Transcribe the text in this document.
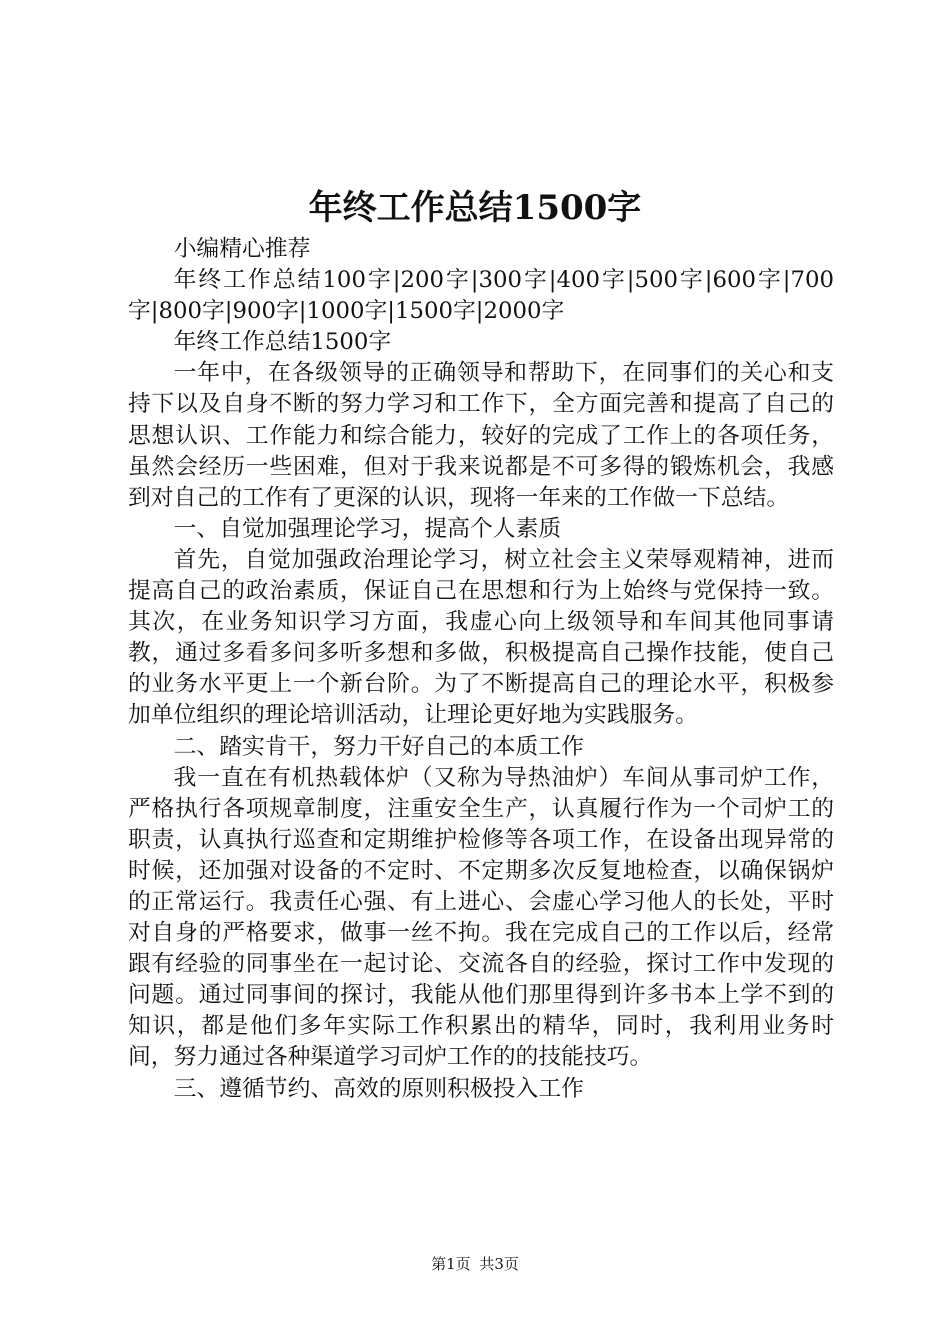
年终工作总结1500字

小编精心推荐

年终工作总结100字|200字|300字|400字|500字|600字|700字|800字|900字|1000字|1500字|2000字

年终工作总结1500字

一年中，在各级领导的正确领导和帮助下，在同事们的关心和支持下以及自身不断的努力学习和工作下，全方面完善和提高了自己的思想认识、工作能力和综合能力，较好的完成了工作上的各项任务，虽然会经历一些困难，但对于我来说都是不可多得的锻炼机会，我感到对自己的工作有了更深的认识，现将一年来的工作做一下总结。

一、自觉加强理论学习，提高个人素质

首先，自觉加强政治理论学习，树立社会主义荣辱观精神，进而提高自己的政治素质，保证自己在思想和行为上始终与党保持一致。其次，在业务知识学习方面，我虚心向上级领导和车间其他同事请教，通过多看多问多听多想和多做，积极提高自己操作技能，使自己的业务水平更上一个新台阶。为了不断提高自己的理论水平，积极参加单位组织的理论培训活动，让理论更好地为实践服务。

二、踏实肯干，努力干好自己的本质工作

我一直在有机热载体炉（又称为导热油炉）车间从事司炉工作，严格执行各项规章制度，注重安全生产，认真履行作为一个司炉工的职责，认真执行巡查和定期维护检修等各项工作，在设备出现异常的时候，还加强对设备的不定时、不定期多次反复地检查，以确保锅炉的正常运行。我责任心强、有上进心、会虚心学习他人的长处，平时对自身的严格要求，做事一丝不拘。我在完成自己的工作以后，经常跟有经验的同事坐在一起讨论、交流各自的经验，探讨工作中发现的问题。通过同事间的探讨，我能从他们那里得到许多书本上学不到的知识，都是他们多年实际工作积累出的精华，同时，我利用业务时间，努力通过各种渠道学习司炉工作的的技能技巧。

三、遵循节约、高效的原则积极投入工作

第1页 共3页
